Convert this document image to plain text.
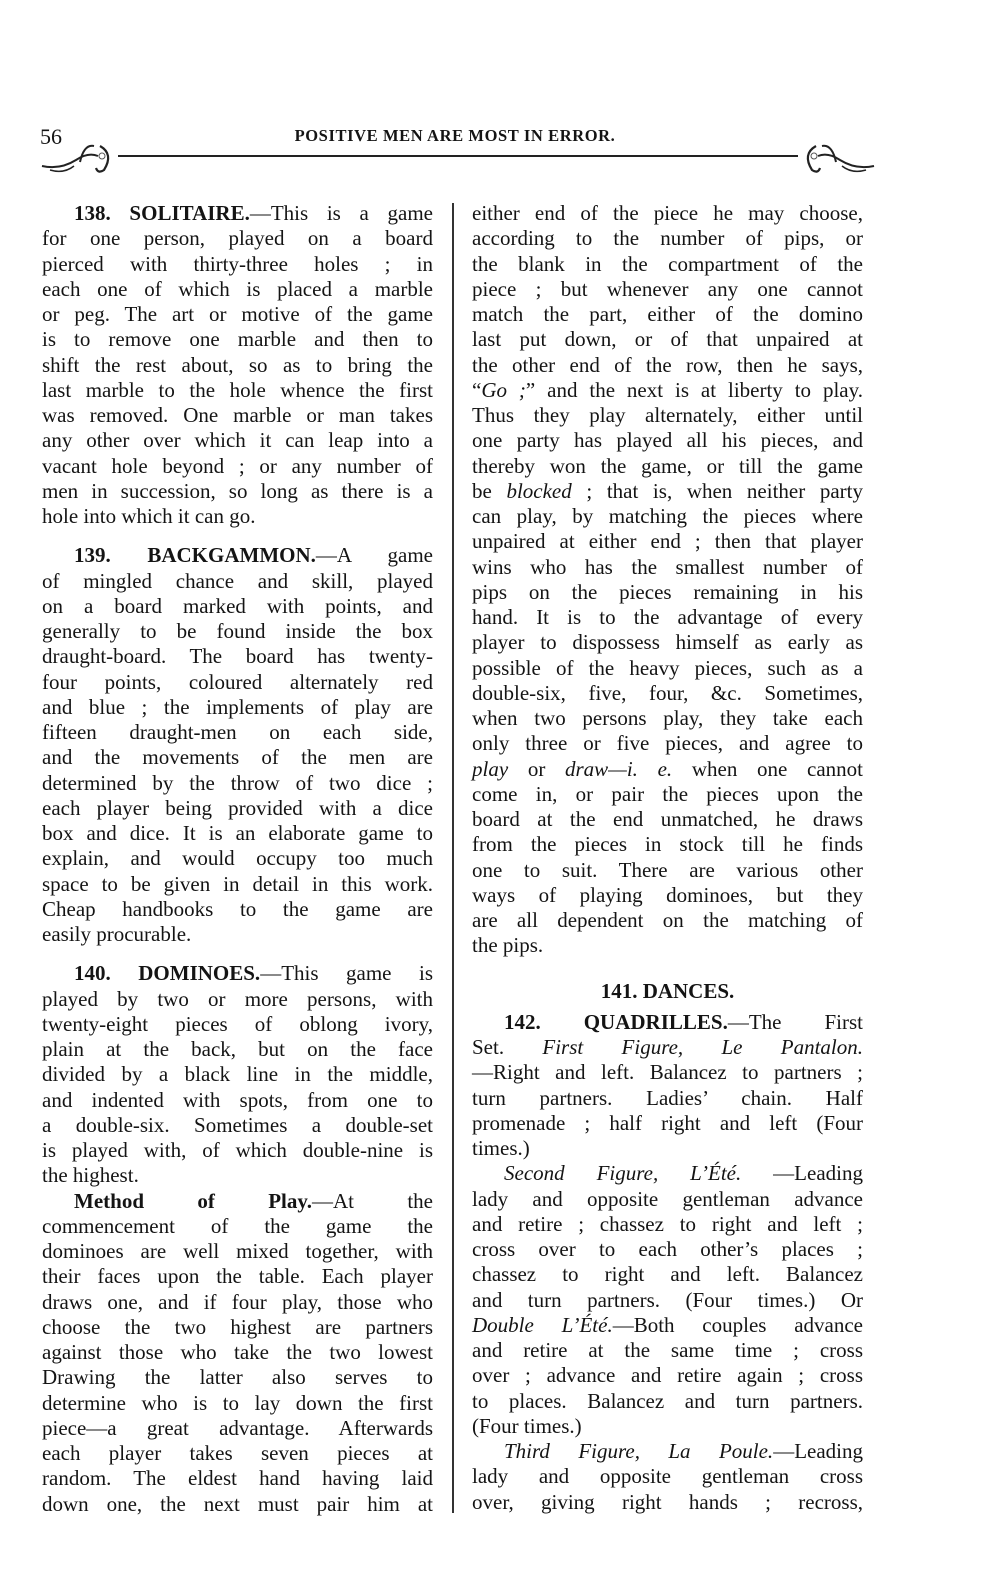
56	POSITIVE MEN ARE MOST IN ERROR.
138. SOLITAIRE.—This is a game
for one person, played on a board
pierced with thirty-three holes ; in
each one of which is placed a marble
or peg. The art or motive of the game
is to remove one marble and then to
shift the rest about, so as to bring the
last marble to the hole whence the first
was removed. One marble or man takes
any other over which it can leap into a
vacant hole beyond ; or any number of
men in succession, so long as there is a
hole into which it can go.
139. BACKGAMMON.—A game
of mingled chance and skill, played
on a board marked with points, and
generally to be found inside the box
draught-board. The board has twenty-
four points, coloured alternately red
and blue ; the implements of play are
fifteen draught-men on each side,
and the movements of the men are
determined by the throw of two dice ;
each player being provided with a dice
box and dice. It is an elaborate game to
explain, and would occupy too much
space to be given in detail in this work.
Cheap handbooks to the game are
easily procurable.
140. DOMINOES.—This game is
played by two or more persons, with
twenty-eight pieces of oblong ivory,
plain at the back, but on the face
divided by a black line in the middle,
and indented with spots, from one to
a double-six. Sometimes a double-set
is played with, of which double-nine is
the highest.
Method of Play.—At the
commencement of the game the
dominoes are well mixed together, with
their faces upon the table. Each player
draws one, and if four play, those who
choose the two highest are partners
against those who take the two lowest
Drawing the latter also serves to
determine who is to lay down the first
piece—a great advantage. Afterwards
each player takes seven pieces at
random. The eldest hand having laid
down one, the next must pair him at
either end of the piece he may choose,
according to the number of pips, or
the blank in the compartment of the
piece ; but whenever any one cannot
match the part, either of the domino
last put down, or of that unpaired at
the other end of the row, then he says,
“Go ;” and the next is at liberty to play.
Thus they play alternately, either until
one party has played all his pieces, and
thereby won the game, or till the game
be blocked ; that is, when neither party
can play, by matching the pieces where
unpaired at either end ; then that player
wins who has the smallest number of
pips on the pieces remaining in his
hand. It is to the advantage of every
player to dispossess himself as early as
possible of the heavy pieces, such as a
double-six, five, four, &c. Sometimes,
when two persons play, they take each
only three or five pieces, and agree to
play or draw—i. e. when one cannot
come in, or pair the pieces upon the
board at the end unmatched, he draws
from the pieces in stock till he finds
one to suit. There are various other
ways of playing dominoes, but they
are all dependent on the matching of
the pips.
141. DANCES.
142. QUADRILLES.—The First
Set. First Figure, Le Pantalon.
—Right and left. Balancez to partners ;
turn partners. Ladies’ chain. Half
promenade ; half right and left (Four
times.)
Second Figure, L’Été. —Leading
lady and opposite gentleman advance
and retire ; chassez to right and left ;
cross over to each other’s places ;
chassez to right and left. Balancez
and turn partners. (Four times.) Or
Double L’Été.—Both couples advance
and retire at the same time ; cross
over ; advance and retire again ; cross
to places. Balancez and turn partners.
(Four times.)
Third Figure, La Poule.—Leading
lady and opposite gentleman cross
over, giving right hands ; recross,
